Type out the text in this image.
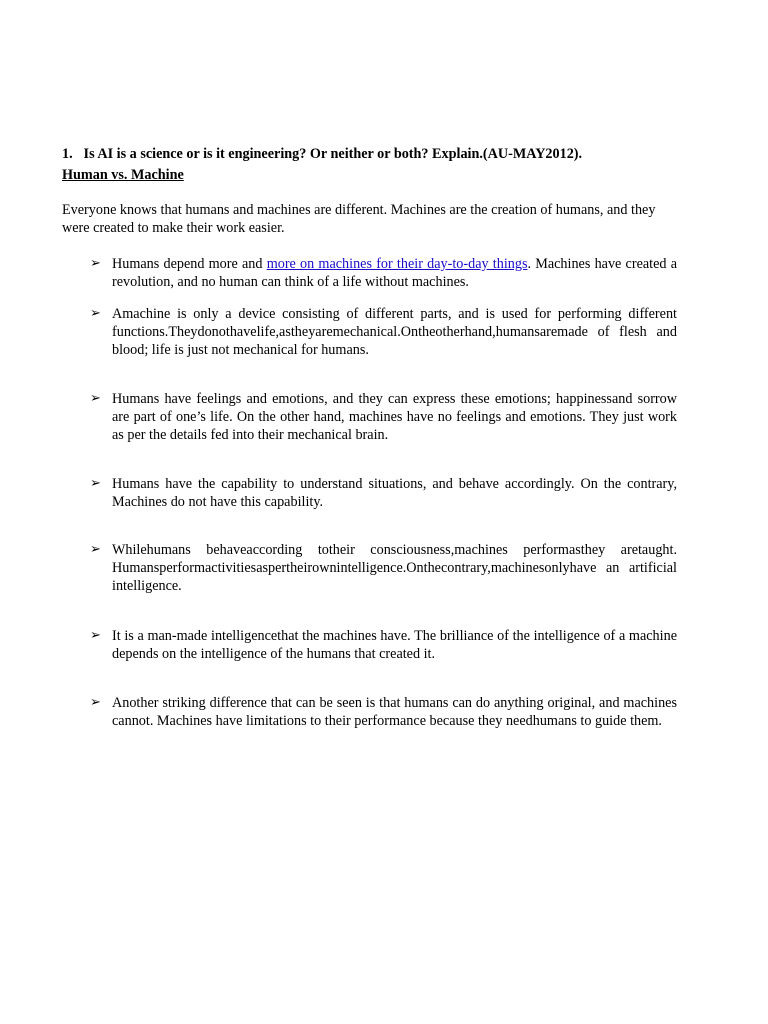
1. Is AI is a science or is it engineering? Or neither or both? Explain.(AU-MAY2012).
Human vs. Machine
Everyone knows that humans and machines are different. Machines are the creation of humans, and they were created to make their work easier.
➢ Humans depend more and more on machines for their day-to-day things. Machines have created a revolution, and no human can think of a life without machines.
➢ Amachine is only a device consisting of different parts, and is used for performing different functions.Theydonothavelife,astheyaremechanical.Ontheotherhand,humansaremade of flesh and blood; life is just not mechanical for humans.
➢ Humans have feelings and emotions, and they can express these emotions; happinessand sorrow are part of one’s life. On the other hand, machines have no feelings and emotions. They just work as per the details fed into their mechanical brain.
➢ Humans have the capability to understand situations, and behave accordingly. On the contrary, Machines do not have this capability.
➢ Whilehumans behaveaccording totheir consciousness,machines performasthey aretaught. Humansperformactivitiesaspertheirownintelligence.Onthecontrary,machinesonlyhave an artificial intelligence.
➢ It is a man-made intelligencethat the machines have. The brilliance of the intelligence of a machine depends on the intelligence of the humans that created it.
➢ Another striking difference that can be seen is that humans can do anything original, and machines cannot. Machines have limitations to their performance because they needhumans to guide them.
